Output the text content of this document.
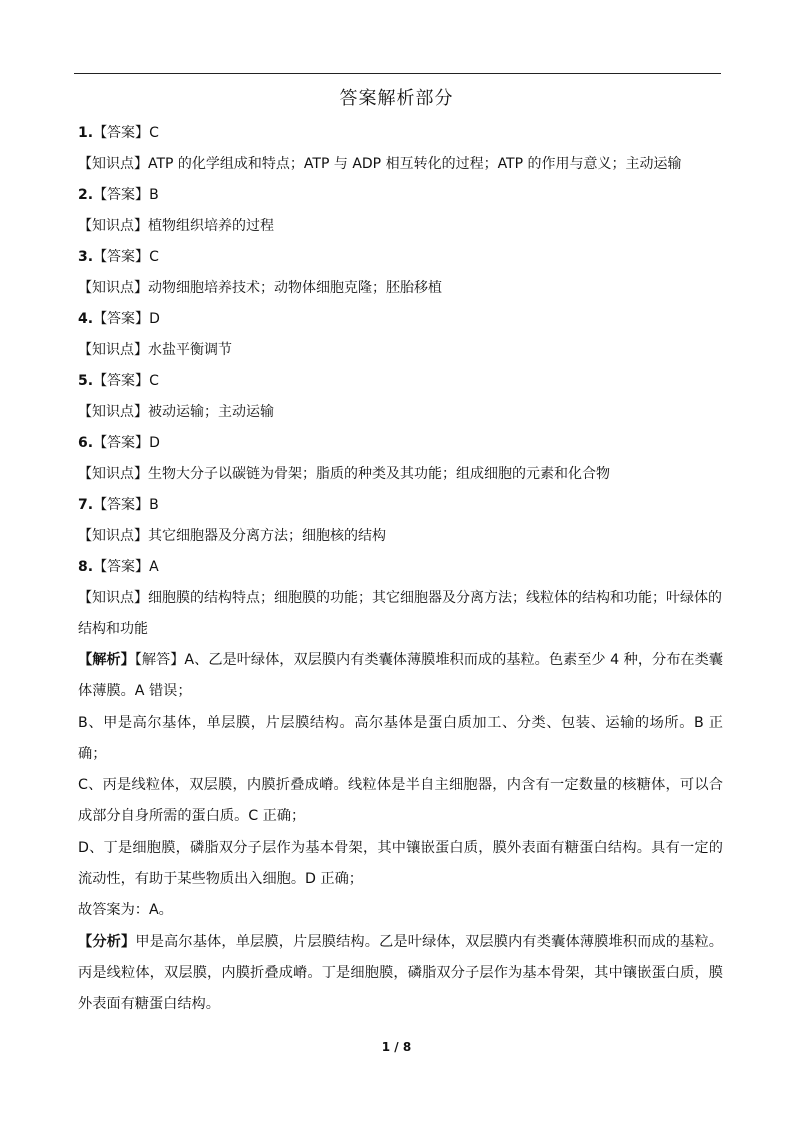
答案解析部分
1.【答案】C
【知识点】ATP 的化学组成和特点；ATP 与 ADP 相互转化的过程；ATP 的作用与意义；主动运输
2.【答案】B
【知识点】植物组织培养的过程
3.【答案】C
【知识点】动物细胞培养技术；动物体细胞克隆；胚胎移植
4.【答案】D
【知识点】水盐平衡调节
5.【答案】C
【知识点】被动运输；主动运输
6.【答案】D
【知识点】生物大分子以碳链为骨架；脂质的种类及其功能；组成细胞的元素和化合物
7.【答案】B
【知识点】其它细胞器及分离方法；细胞核的结构
8.【答案】A
【知识点】细胞膜的结构特点；细胞膜的功能；其它细胞器及分离方法；线粒体的结构和功能；叶绿体的结构和功能
【解析】【解答】A、乙是叶绿体，双层膜内有类囊体薄膜堆积而成的基粒。色素至少 4 种，分布在类囊体薄膜。A 错误；
B、甲是高尔基体，单层膜，片层膜结构。高尔基体是蛋白质加工、分类、包装、运输的场所。B 正确；
C、丙是线粒体，双层膜，内膜折叠成嵴。线粒体是半自主细胞器，内含有一定数量的核糖体，可以合成部分自身所需的蛋白质。C 正确；
D、丁是细胞膜，磷脂双分子层作为基本骨架，其中镶嵌蛋白质，膜外表面有糖蛋白结构。具有一定的流动性，有助于某些物质出入细胞。D 正确；
故答案为：A。
【分析】甲是高尔基体，单层膜，片层膜结构。乙是叶绿体，双层膜内有类囊体薄膜堆积而成的基粒。丙是线粒体，双层膜，内膜折叠成嵴。丁是细胞膜，磷脂双分子层作为基本骨架，其中镶嵌蛋白质，膜外表面有糖蛋白结构。
1 / 8
